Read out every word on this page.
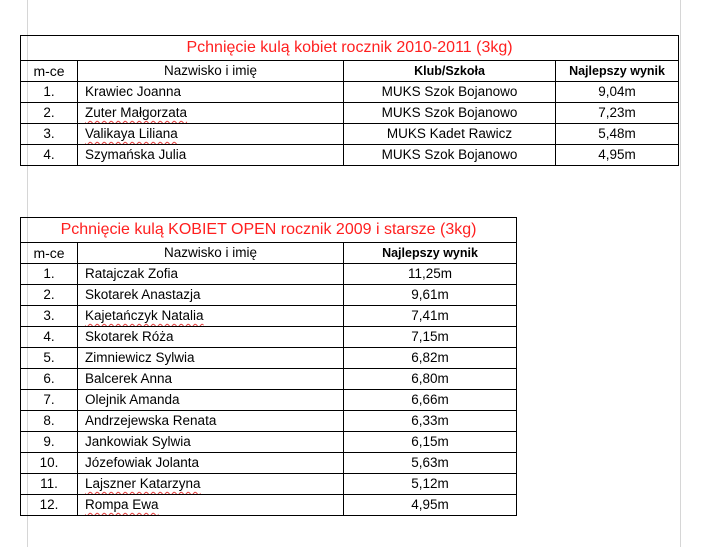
Pchnięcie kulą kobiet rocznik 2010-2011 (3kg)			
m-ce	Nazwisko i imię	Klub/Szkoła	Najlepszy wynik
1.	Krawiec Joanna	MUKS Szok Bojanowo	9,04m
2.	Zuter Małgorzata	MUKS Szok Bojanowo	7,23m
3.	Valikaya Liliana	MUKS Kadet Rawicz	5,48m
4.	Szymańska Julia	MUKS Szok Bojanowo	4,95m
Pchnięcie kulą KOBIET OPEN rocznik 2009 i starsze (3kg)		
m-ce	Nazwisko i imię	Najlepszy wynik
1.	Ratajczak Zofia	11,25m
2.	Skotarek Anastazja	9,61m
3.	Kajetańczyk Natalia	7,41m
4.	Skotarek Róża	7,15m
5.	Zimniewicz Sylwia	6,82m
6.	Balcerek Anna	6,80m
7.	Olejnik Amanda	6,66m
8.	Andrzejewska Renata	6,33m
9.	Jankowiak Sylwia	6,15m
10.	Józefowiak Jolanta	5,63m
11.	Lajszner Katarzyna	5,12m
12.	Rompa Ewa	4,95m
